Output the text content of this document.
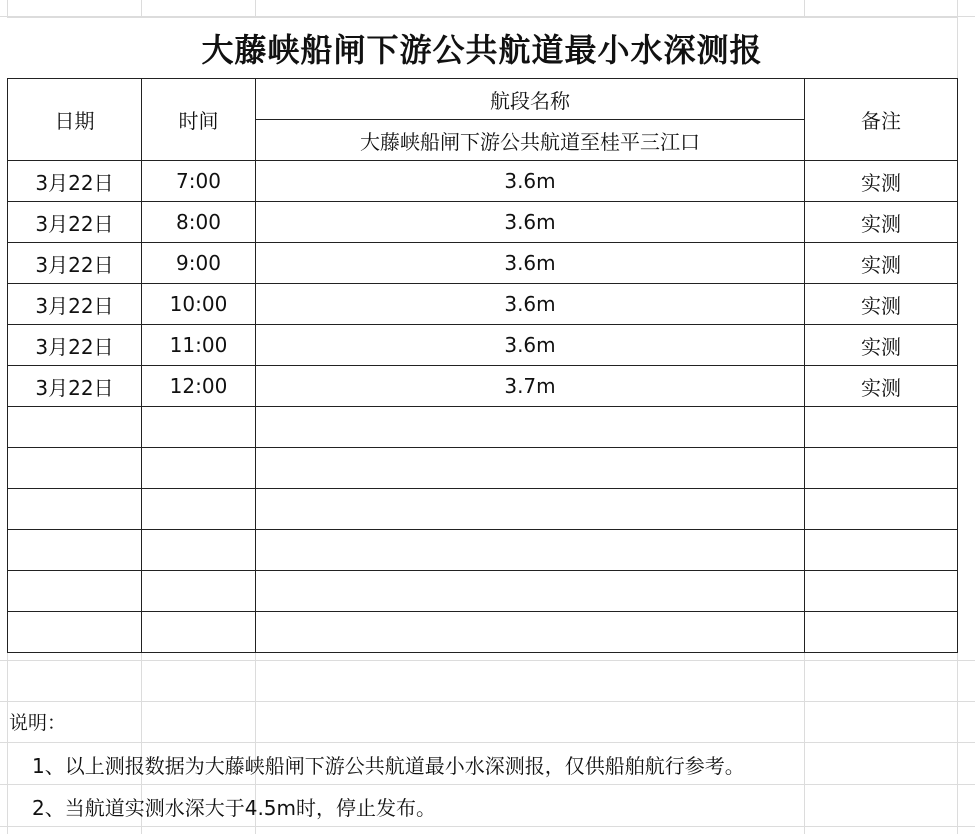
大藤峡船闸下游公共航道最小水深测报
日期	时间	航段名称	备注
		大藤峡船闸下游公共航道至桂平三江口	
3月22日	7:00	3.6m	实测
3月22日	8:00	3.6m	实测
3月22日	9:00	3.6m	实测
3月22日	10:00	3.6m	实测
3月22日	11:00	3.6m	实测
3月22日	12:00	3.7m	实测

说明：
1、以上测报数据为大藤峡船闸下游公共航道最小水深测报，仅供船舶航行参考。
2、当航道实测水深大于4.5m时，停止发布。
